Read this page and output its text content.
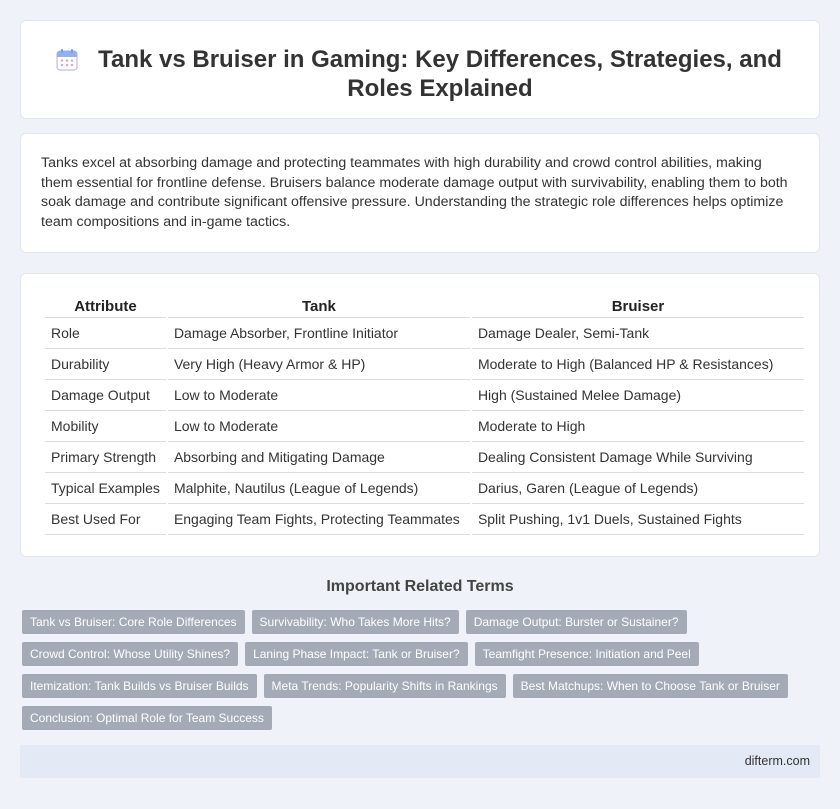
Tank vs Bruiser in Gaming: Key Differences, Strategies, and Roles Explained

Tanks excel at absorbing damage and protecting teammates with high durability and crowd control abilities, making them essential for frontline defense. Bruisers balance moderate damage output with survivability, enabling them to both soak damage and contribute significant offensive pressure. Understanding the strategic role differences helps optimize team compositions and in-game tactics.

Attribute	Tank	Bruiser
Role	Damage Absorber, Frontline Initiator	Damage Dealer, Semi-Tank
Durability	Very High (Heavy Armor & HP)	Moderate to High (Balanced HP & Resistances)
Damage Output	Low to Moderate	High (Sustained Melee Damage)
Mobility	Low to Moderate	Moderate to High
Primary Strength	Absorbing and Mitigating Damage	Dealing Consistent Damage While Surviving
Typical Examples	Malphite, Nautilus (League of Legends)	Darius, Garen (League of Legends)
Best Used For	Engaging Team Fights, Protecting Teammates	Split Pushing, 1v1 Duels, Sustained Fights
Important Related Terms
Tank vs Bruiser: Core Role Differences	Survivability: Who Takes More Hits?	Damage Output: Burster or Sustainer?
Crowd Control: Whose Utility Shines?	Laning Phase Impact: Tank or Bruiser?	Teamfight Presence: Initiation and Peel
Itemization: Tank Builds vs Bruiser Builds	Meta Trends: Popularity Shifts in Rankings	Best Matchups: When to Choose Tank or Bruiser
Conclusion: Optimal Role for Team Success
difterm.com
